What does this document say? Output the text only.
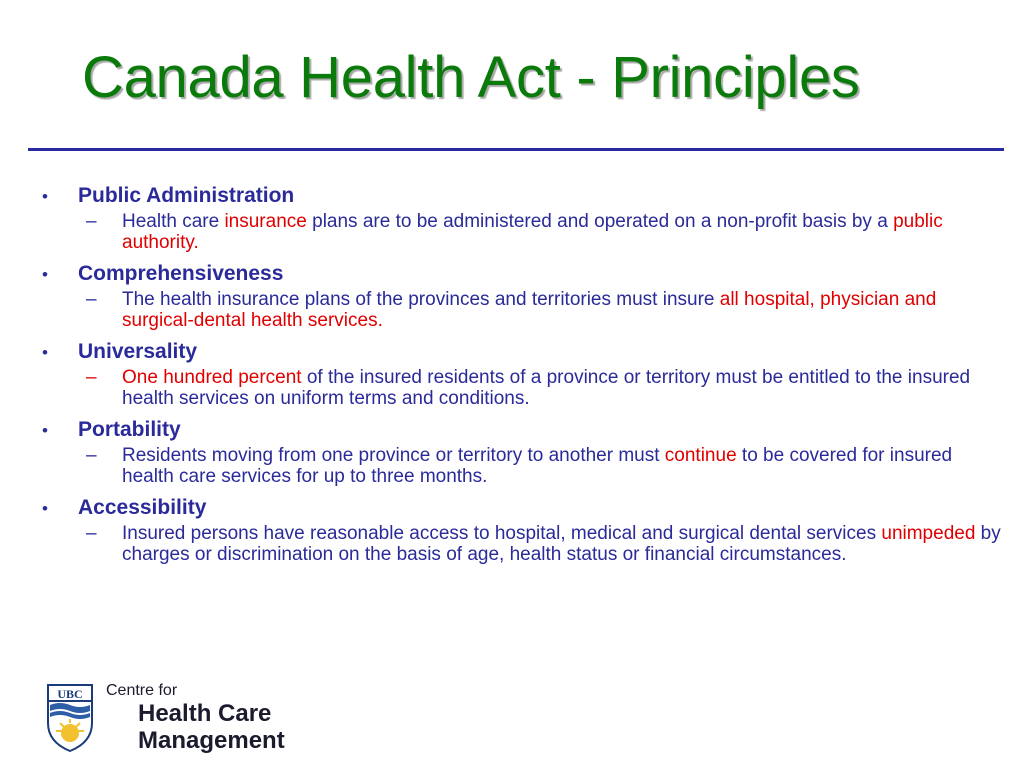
Canada Health Act - Principles
•	Public Administration
–	Health care insurance plans are to be administered and operated on a non-profit basis by a public authority.
•	Comprehensiveness
–	The health insurance plans of the provinces and territories must insure all hospital, physician and surgical-dental health services.
•	Universality
–	One hundred percent of the insured residents of a province or territory must be entitled to the insured health services on uniform terms and conditions.
•	Portability
–	Residents moving from one province or territory to another must continue to be covered for insured health care services for up to three months.
•	Accessibility
–	Insured persons have reasonable access to hospital, medical and surgical dental services unimpeded by charges or discrimination on the basis of age, health status or financial circumstances.
UBC Centre for
Health Care
Management
